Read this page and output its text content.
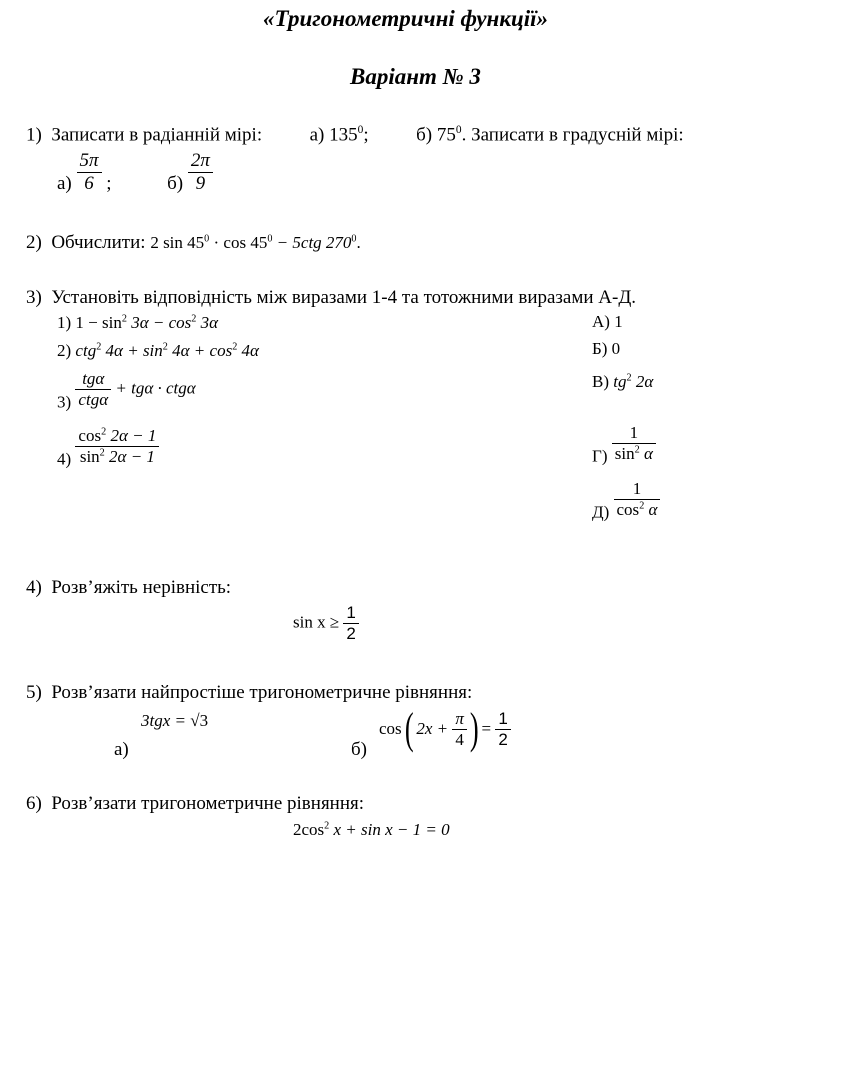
«Тригонометричні функції»
Варіант № 3
1) Записати в радіанній мірі:	а) $135^0$;	б) $75^0$. Записати в градусній мірі:
$а) \frac{5\pi}{6}$ ;	$б) \frac{2\pi}{9}$
2) Обчислити: 2 $\sin 45^0 \cdot \cos 45^0 - 5ctg$ $270^0$.
3) Установіть відповідність між виразами 1-4 та тотожними виразами А-Д.
1) $1 - \sin^2 3\alpha - \cos^2 3\alpha$
2) ctg$^2$ $4\alpha + \sin^2 4\alpha + \cos^2 4\alpha$
$3) \frac{\text{tgα}}{\text{ctgα}} + tg\alpha \cdot ctg\alpha$
$4) \frac{\cos^2 2\alpha - 1}{\sin^2 2\alpha - 1}$
А) 1
Б) 0
В) $tg^2$ 2α
$Г) \frac{1}{\sin^2 \alpha}$
$Д) \frac{1}{\cos^2 \alpha}$
4) Розв’яжіть нерівність:
$\sin x \ge \frac{1}{2}$
5) Розв’язати найпростіше тригонометричне рівняння:
3tgx = √3
а)	б)
cos( $2x + \frac{\pi}{4}$ ) = $\frac{1}{2}$
6) Розв’язати тригонометричне рівняння:
$2\cos^2$ x + sin x − 1 = 0
